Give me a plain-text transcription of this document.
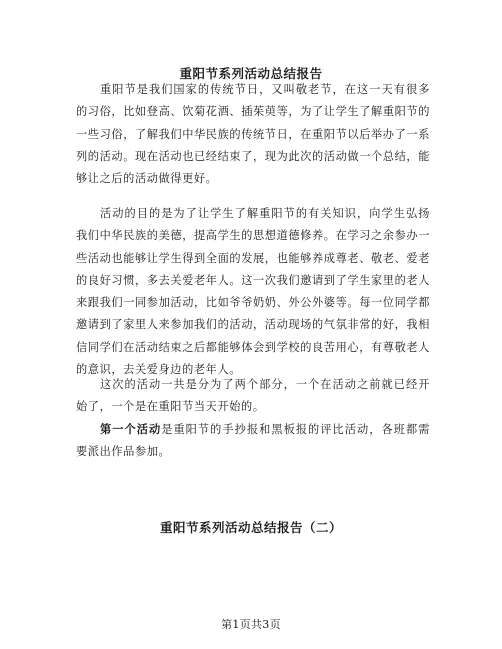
重阳节系列活动总结报告

重阳节是我们国家的传统节日，又叫敬老节，在这一天有很多的习俗，比如登高、饮菊花酒、插茱萸等，为了让学生了解重阳节的一些习俗，了解我们中华民族的传统节日，在重阳节以后举办了一系列的活动。现在活动也已经结束了，现为此次的活动做一个总结，能够让之后的活动做得更好。

活动的目的是为了让学生了解重阳节的有关知识，向学生弘扬我们中华民族的美德，提高学生的思想道德修养。在学习之余参办一些活动也能够让学生得到全面的发展，也能够养成尊老、敬老、爱老的良好习惯，多去关爱老年人。这一次我们邀请到了学生家里的老人来跟我们一同参加活动，比如爷爷奶奶、外公外婆等。每一位同学都邀请到了家里人来参加我们的活动，活动现场的气氛非常的好，我相信同学们在活动结束之后都能够体会到学校的良苦用心，有尊敬老人的意识，去关爱身边的老年人。

这次的活动一共是分为了两个部分，一个在活动之前就已经开始了，一个是在重阳节当天开始的。

第一个活动是重阳节的手抄报和黑板报的评比活动，各班都需要派出作品参加。

重阳节系列活动总结报告（二）
第1页共3页
